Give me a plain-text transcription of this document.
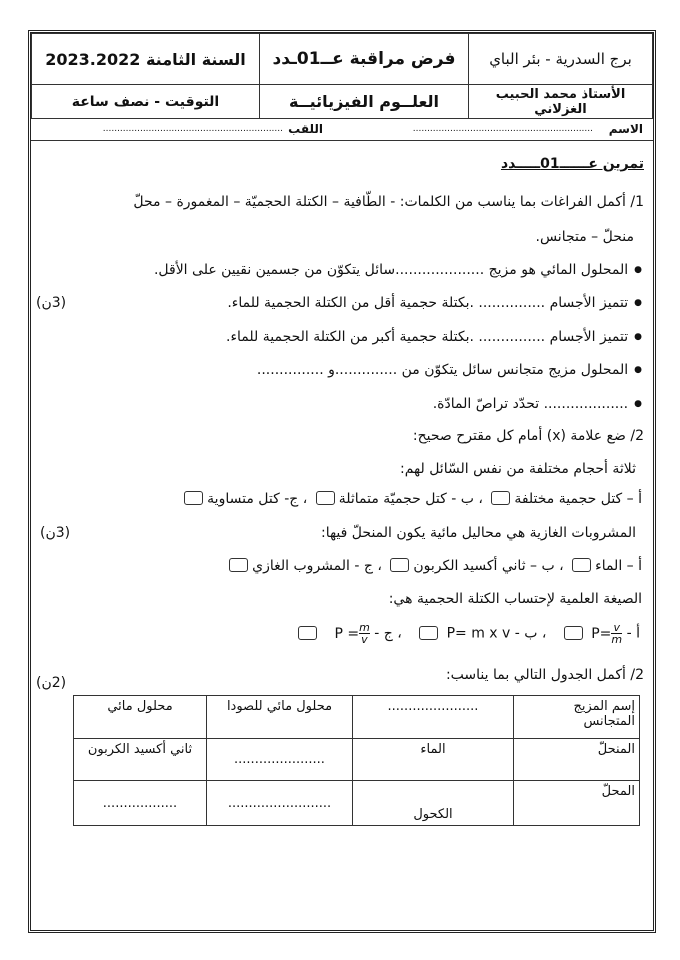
برج السدرية - بئر الباي	فرض مراقبة عــ01ـدد	السنة الثامنة 2023.2022
الأستاذ محمد الحبيب الغزلاني	العلــوم الفيزيائيــة	التوقيت - نصف ساعة
الاسم
...............................................................
اللقب
...............................................................
تمرين عــــــ01ـــــدد
1/ أكمل الفراغات بما يناسب من الكلمات: - الطّافية – الكتلة الحجميّة – المغمورة – محلّ
منحلّ – متجانس.
● المحلول المائي هو مزيج ....................سائل يتكوّن من جسمين نقيين على الأقل.
● تتميز الأجسام ............... .بكتلة حجمية أقل من الكتلة الحجمية للماء.
● تتميز الأجسام ............... .بكتلة حجمية أكبر من الكتلة الحجمية للماء.
● المحلول مزيج متجانس سائل يتكوّن من ..............و ...............
● ................... تحدّد تراصّ المادّة.
(3ن)
2/ ضع علامة (x) أمام كل مقترح صحيح:
ثلاثة أحجام مختلفة من نفس السّائل لهم:
أ – كتل حجمية مختلفة ، ب - كتل حجميّة متماثلة ، ج- كتل متساوية
المشروبات الغازية هي محاليل مائية يكون المنحلّ فيها:
(3ن)
أ – الماء ، ب – ثاني أكسيد الكربون ، ج - المشروب الغازي
الصيغة العلمية لإحتساب الكتلة الحجمية هي:
أ - $P= \frac{v}{m}$
، ب - P= m x v    ، ج - $P = \frac{m}{v}$

2/ أكمل الجدول التالي بما يناسب:
(2ن)
إسم المزيج المتجانس	......................	محلول مائي للصودا	محلول مائي
المنحلّ	الماء	......................	ثاني أكسيد الكربون
المحلّ	الكحول	.........................	..................
